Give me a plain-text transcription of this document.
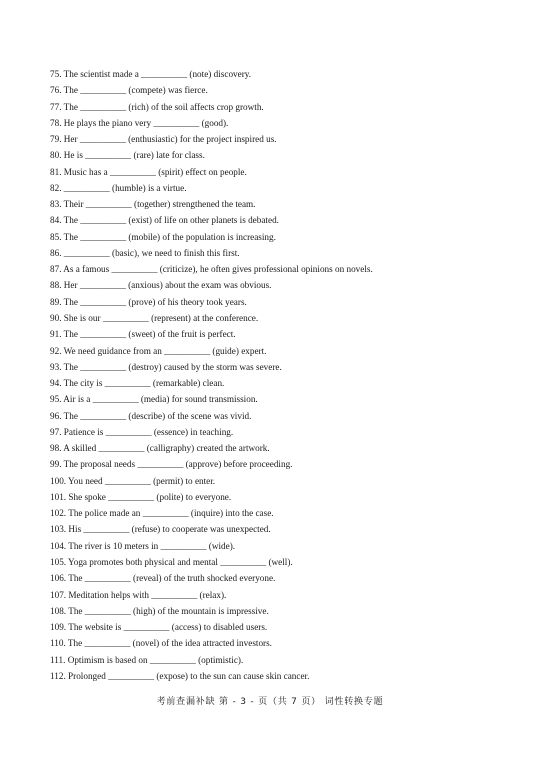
75. The scientist made a __________ (note) discovery.
76. The __________ (compete) was fierce.
77. The __________ (rich) of the soil affects crop growth.
78. He plays the piano very __________ (good).
79. Her __________ (enthusiastic) for the project inspired us.
80. He is __________ (rare) late for class.
81. Music has a __________ (spirit) effect on people.
82. __________ (humble) is a virtue.
83. Their __________ (together) strengthened the team.
84. The __________ (exist) of life on other planets is debated.
85. The __________ (mobile) of the population is increasing.
86. __________ (basic), we need to finish this first.
87. As a famous __________ (criticize), he often gives professional opinions on novels.
88. Her __________ (anxious) about the exam was obvious.
89. The __________ (prove) of his theory took years.
90. She is our __________ (represent) at the conference.
91. The __________ (sweet) of the fruit is perfect.
92. We need guidance from an __________ (guide) expert.
93. The __________ (destroy) caused by the storm was severe.
94. The city is __________ (remarkable) clean.
95. Air is a __________ (media) for sound transmission.
96. The __________ (describe) of the scene was vivid.
97. Patience is __________ (essence) in teaching.
98. A skilled __________ (calligraphy) created the artwork.
99. The proposal needs __________ (approve) before proceeding.
100. You need __________ (permit) to enter.
101. She spoke __________ (polite) to everyone.
102. The police made an __________ (inquire) into the case.
103. His __________ (refuse) to cooperate was unexpected.
104. The river is 10 meters in __________ (wide).
105. Yoga promotes both physical and mental __________ (well).
106. The __________ (reveal) of the truth shocked everyone.
107. Meditation helps with __________ (relax).
108. The __________ (high) of the mountain is impressive.
109. The website is __________ (access) to disabled users.
110. The __________ (novel) of the idea attracted investors.
111. Optimism is based on __________ (optimistic).
112. Prolonged __________ (expose) to the sun can cause skin cancer.
考前查漏补缺 第 - 3 - 页（共 7 页） 词性转换专题
